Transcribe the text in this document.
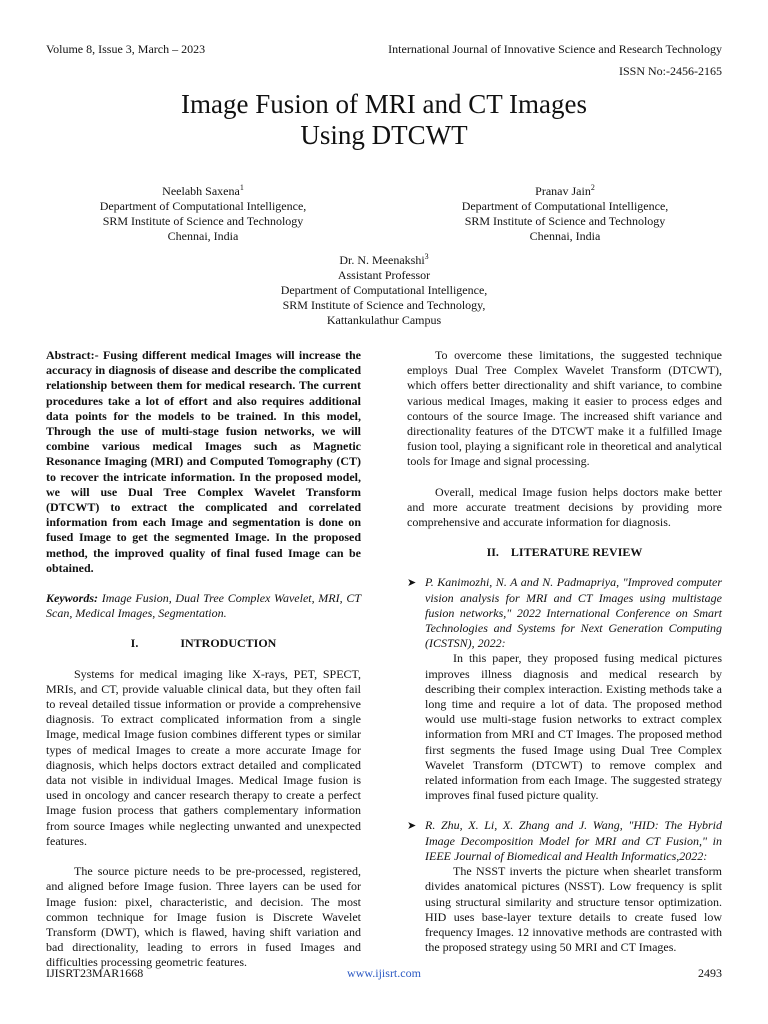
Volume 8, Issue 3, March – 2023	International Journal of Innovative Science and Research Technology
ISSN No:-2456-2165
Image Fusion of MRI and CT Images
Using DTCWT
Neelabh Saxena$^1$
Department of Computational Intelligence,
SRM Institute of Science and Technology
Chennai, India
Pranav Jain$^2$
Department of Computational Intelligence,
SRM Institute of Science and Technology
Chennai, India
Dr. N. Meenakshi$^3$
Assistant Professor
Department of Computational Intelligence,
SRM Institute of Science and Technology,
Kattankulathur Campus

Abstract:- Fusing different medical Images will increase the accuracy in diagnosis of disease and describe the complicated relationship between them for medical research. The current procedures take a lot of effort and also requires additional data points for the models to be trained. In this model, Through the use of multi-stage fusion networks, we will combine various medical Images such as Magnetic Resonance Imaging (MRI) and Computed Tomography (CT) to recover the intricate information. In the proposed model, we will use Dual Tree Complex Wavelet Transform (DTCWT) to extract the complicated and correlated information from each Image and segmentation is done on fused Image to get the segmented Image. In the proposed method, the improved quality of final fused Image can be obtained.

Keywords: Image Fusion, Dual Tree Complex Wavelet, MRI, CT Scan, Medical Images, Segmentation.

I.	INTRODUCTION

Systems for medical imaging like X-rays, PET, SPECT, MRIs, and CT, provide valuable clinical data, but they often fail to reveal detailed tissue information or provide a comprehensive diagnosis. To extract complicated information from a single Image, medical Image fusion combines different types or similar types of medical Images to create a more accurate Image for diagnosis, which helps doctors extract detailed and complicated data not visible in individual Images. Medical Image fusion is used in oncology and cancer research therapy to create a perfect Image fusion process that gathers complementary information from source Images while neglecting unwanted and unexpected features.

The source picture needs to be pre-processed, registered, and aligned before Image fusion. Three layers can be used for Image fusion: pixel, characteristic, and decision. The most common technique for Image fusion is Discrete Wavelet Transform (DWT), which is flawed, having shift variation and bad directionality, leading to errors in fused Images and difficulties processing geometric features.

To overcome these limitations, the suggested technique employs Dual Tree Complex Wavelet Transform (DTCWT), which offers better directionality and shift variance, to combine various medical Images, making it easier to process edges and contours of the source Image. The increased shift variance and directionality features of the DTCWT make it a fulfilled Image fusion tool, playing a significant role in theoretical and analytical tools for Image and signal processing.

Overall, medical Image fusion helps doctors make better and more accurate treatment decisions by providing more comprehensive and accurate information for diagnosis.

II. LITERATURE REVIEW
➤ P. Kanimozhi, N. A and N. Padmapriya, "Improved computer vision analysis for MRI and CT Images using multistage fusion networks," 2022 International Conference on Smart Technologies and Systems for Next Generation Computing (ICSTSN), 2022:

In this paper, they proposed fusing medical pictures improves illness diagnosis and medical research by describing their complex interaction. Existing methods take a long time and require a lot of data. The proposed method would use multi-stage fusion networks to extract complex information from MRI and CT Images. The proposed method first segments the fused Image using Dual Tree Complex Wavelet Transform (DTCWT) to remove complex and related information from each Image. The suggested strategy improves final fused picture quality.

➤ R. Zhu, X. Li, X. Zhang and J. Wang, "HID: The Hybrid Image Decomposition Model for MRI and CT Fusion," in IEEE Journal of Biomedical and Health Informatics,2022:

The NSST inverts the picture when shearlet transform divides anatomical pictures (NSST). Low frequency is split using structural similarity and structure tensor optimization. HID uses base-layer texture details to create fused low frequency Images. 12 innovative methods are contrasted with the proposed strategy using 50 MRI and CT Images.

IJISRT23MAR1668	www.ijisrt.com	2493
